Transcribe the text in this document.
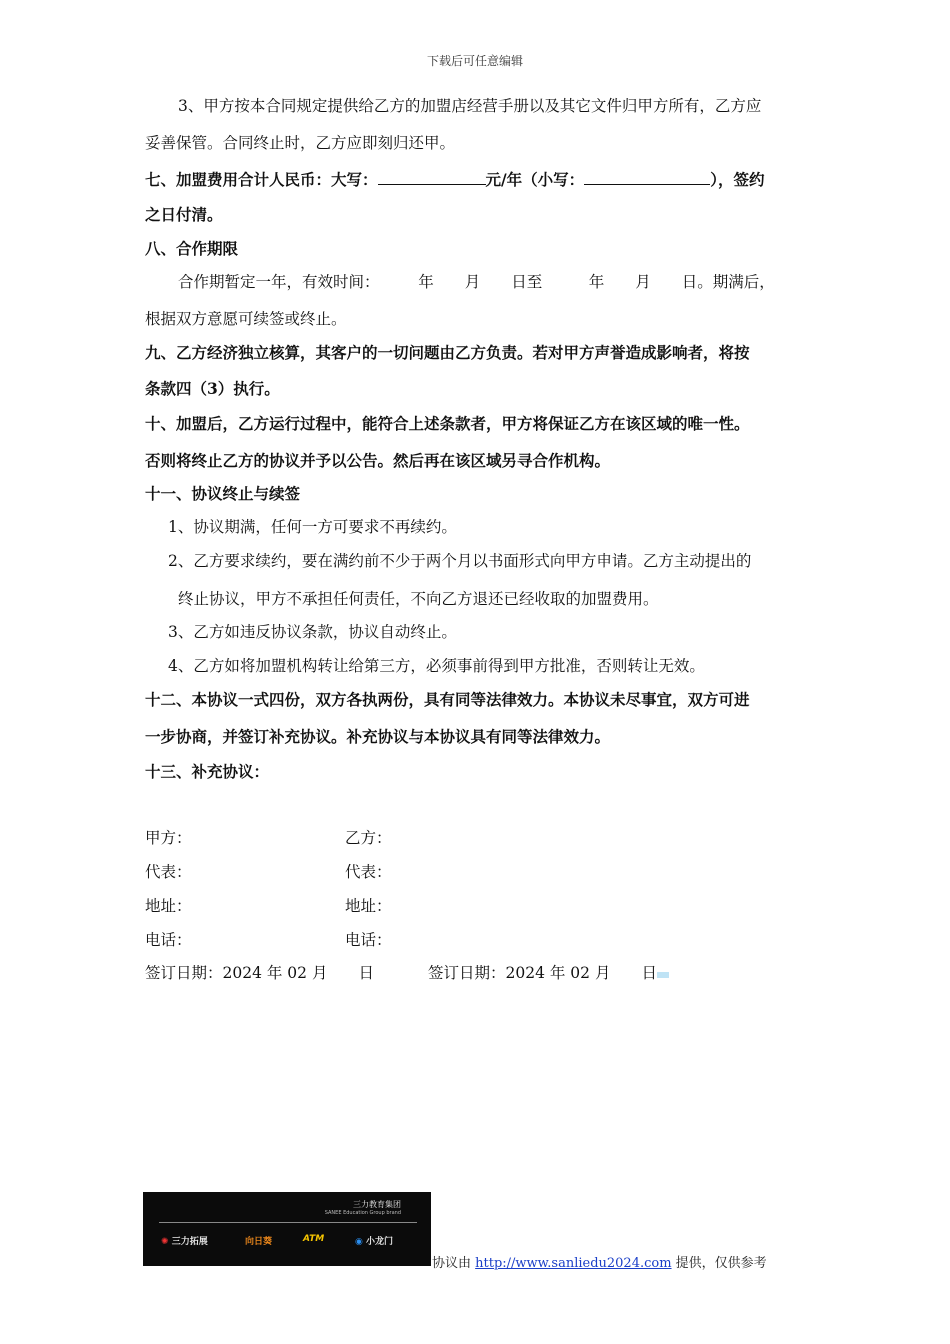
下载后可任意编辑
3、甲方按本合同规定提供给乙方的加盟店经营手册以及其它文件归甲方所有，乙方应
妥善保管。合同终止时，乙方应即刻归还甲。
七、加盟费用合计人民币：大写：	元/年（小写：	），签约
之日付清。
八、合作期限
合作期暂定一年，有效时间：　　　年　　月　　日至　　　年　　月　　日。期满后，
根据双方意愿可续签或终止。
九、乙方经济独立核算，其客户的一切问题由乙方负责。若对甲方声誉造成影响者，将按
条款四（3）执行。
十、加盟后，乙方运行过程中，能符合上述条款者，甲方将保证乙方在该区域的唯一性。
否则将终止乙方的协议并予以公告。然后再在该区域另寻合作机构。
十一、协议终止与续签
1、协议期满，任何一方可要求不再续约。
2、乙方要求续约，要在满约前不少于两个月以书面形式向甲方申请。乙方主动提出的
终止协议，甲方不承担任何责任，不向乙方退还已经收取的加盟费用。
3、乙方如违反协议条款，协议自动终止。
4、乙方如将加盟机构转让给第三方，必须事前得到甲方批准，否则转让无效。
十二、本协议一式四份，双方各执两份，具有同等法律效力。本协议未尽事宜，双方可进
一步协商，并签订补充协议。补充协议与本协议具有同等法律效力。
十三、补充协议：
甲方：	乙方：
代表：	代表：
地址：	地址：
电话：	电话：
签订日期：2024 年 02 月　　日	签订日期：2024 年 02 月　　日
三力教育集团
SANEE Education Group brand
✺ 三力拓展	向日葵	ATM	◉ 小龙门
协议由 http://www.sanliedu2024.com 提供，仅供参考
